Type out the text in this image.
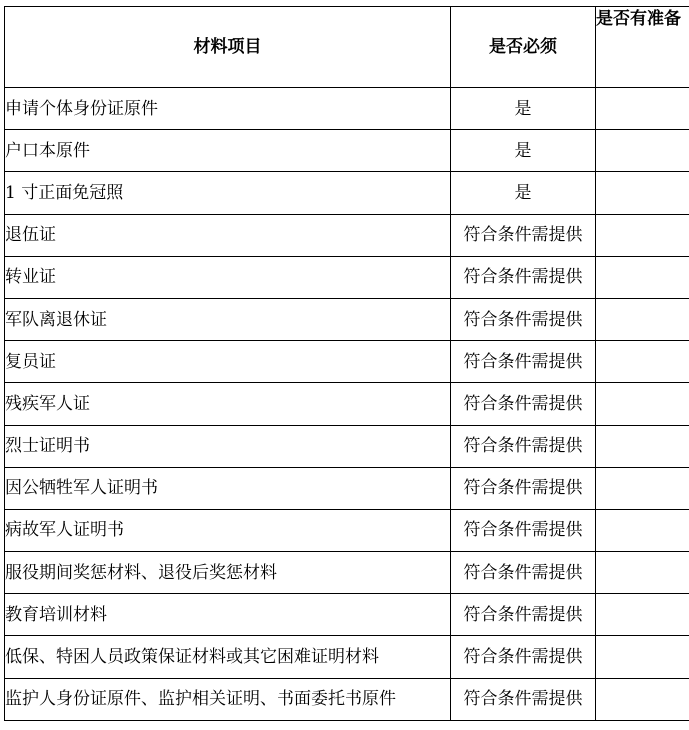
材料项目	是否必须	是否有准备
申请个体身份证原件	是	
户口本原件	是	
1 寸正面免冠照	是	
退伍证	符合条件需提供	
转业证	符合条件需提供	
军队离退休证	符合条件需提供	
复员证	符合条件需提供	
残疾军人证	符合条件需提供	
烈士证明书	符合条件需提供	
因公牺牲军人证明书	符合条件需提供	
病故军人证明书	符合条件需提供	
服役期间奖惩材料、退役后奖惩材料	符合条件需提供	
教育培训材料	符合条件需提供	
低保、特困人员政策保证材料或其它困难证明材料	符合条件需提供	
监护人身份证原件、监护相关证明、书面委托书原件	符合条件需提供	
